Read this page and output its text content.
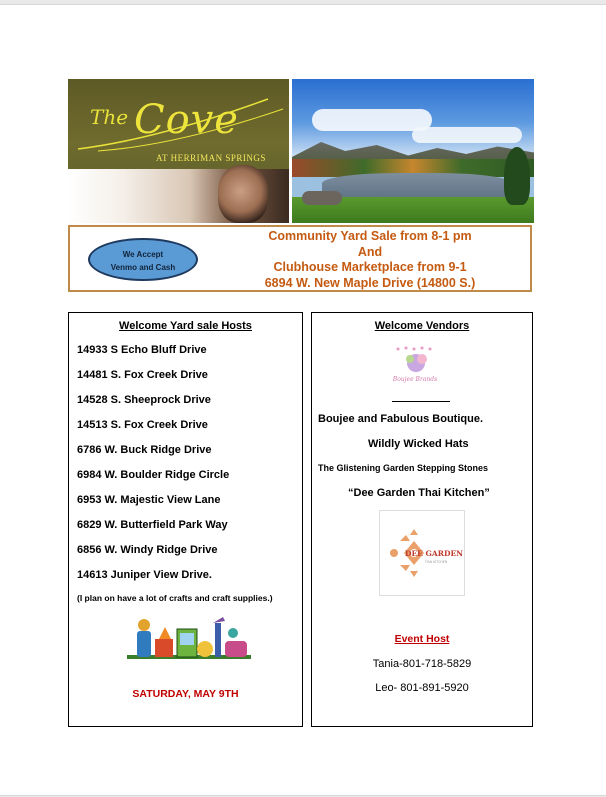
The Cove
AT HERRIMAN SPRINGS
We Accept
Venmo and Cash
Community Yard Sale from 8-1 pm
And
Clubhouse Marketplace from 9-1
6894 W. New Maple Drive (14800 S.)
Welcome Yard sale Hosts
14933 S Echo Bluff Drive
14481 S. Fox Creek Drive
14528 S. Sheeprock Drive
14513 S. Fox Creek Drive
6786 W. Buck Ridge Drive
6984 W. Boulder Ridge Circle
6953 W. Majestic View Lane
6829 W. Butterfield Park Way
6856 W. Windy Ridge Drive
14613 Juniper View Drive.
(I plan on have a lot of crafts and craft supplies.)
SATURDAY, MAY 9TH
Welcome Vendors
Boujee Brands
Boujee and Fabulous Boutique.
Wildly Wicked Hats
The Glistening Garden Stepping Stones
“Dee Garden Thai Kitchen”
DEE GARDEN
THAI KITCHEN
Event Host
Tania-801-718-5829
Leo- 801-891-5920
